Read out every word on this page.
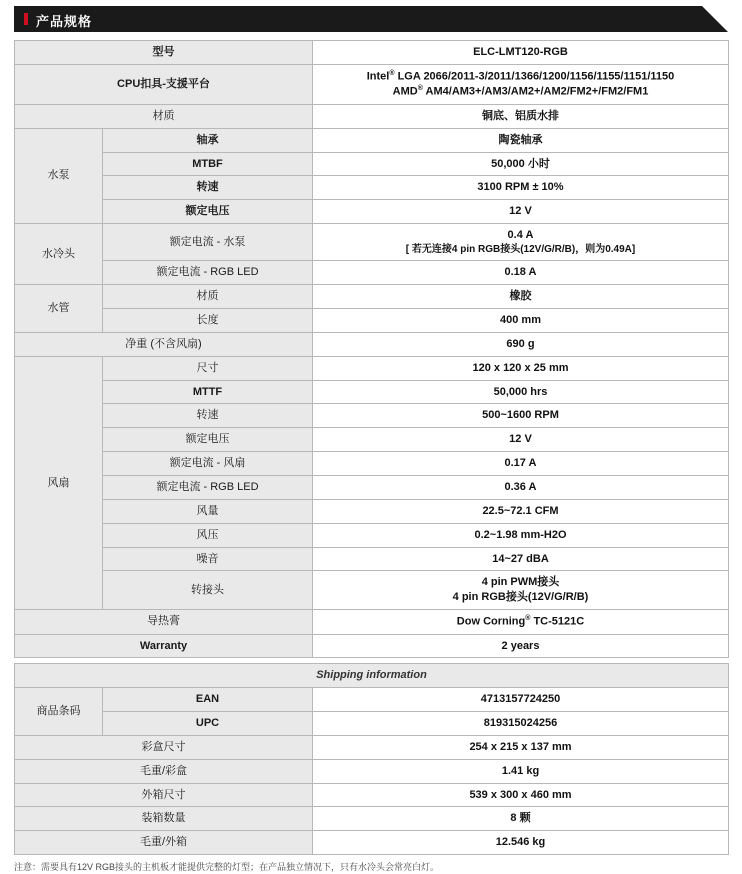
产品规格
型号		ELC-LMT120-RGB
CPU扣具-支援平台		Intel® LGA 2066/2011-3/2011/1366/1200/1156/1155/1151/1150
AMD® AM4/AM3+/AM3/AM2+/AM2/FM2+/FM2/FM1

材质		铜底、铝质水排
水泵	轴承	陶瓷轴承
	MTBF	50,000 小时
	转速	3100 RPM ± 10%
	额定电压	12 V
水冷头	额定电流 - 水泵	0.4 A
[ 若无连接4 pin RGB接头(12V/G/R/B)，则为0.49A]

	额定电流 - RGB LED	0.18 A
水管	材质	橡胶
	长度	400 mm
净重 (不含风扇)		690 g
风扇	尺寸	120 x 120 x 25 mm
	MTTF	50,000 hrs
	转速	500~1600 RPM
	额定电压	12 V
	额定电流 - 风扇	0.17 A
	额定电流 - RGB LED	0.36 A
	风量	22.5~72.1 CFM
	风压	0.2~1.98 mm-H2O
	噪音	14~27 dBA
	转接头	4 pin PWM接头
4 pin RGB接头(12V/G/R/B)

导热膏		Dow Corning® TC-5121C
Warranty		2 years
Shipping information		
商品条码	EAN	4713157724250
	UPC	819315024256
彩盒尺寸		254 x 215 x 137 mm
毛重/彩盒		1.41 kg
外箱尺寸		539 x 300 x 460 mm
装箱数量		8 颗
毛重/外箱		12.546 kg
注意：需要具有12V RGB接头的主机板才能提供完整的灯型；在产品独立情况下，只有水冷头会常亮白灯。
